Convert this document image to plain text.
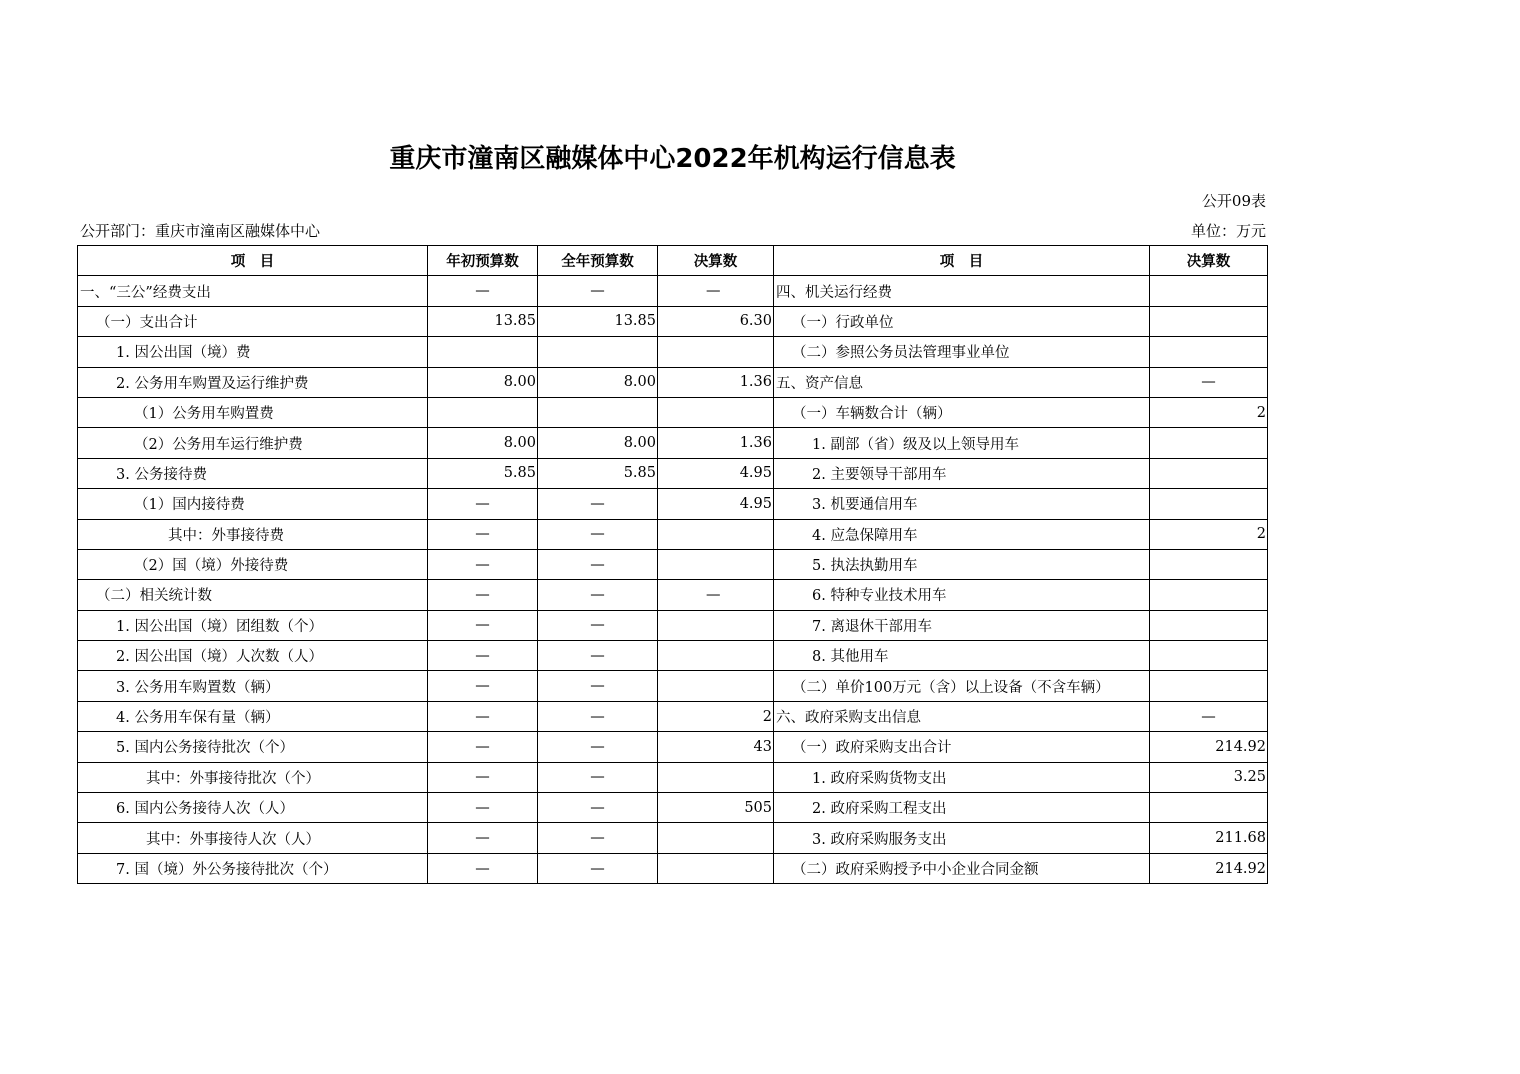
重庆市潼南区融媒体中心2022年机构运行信息表
公开09表
公开部门：重庆市潼南区融媒体中心	单位：万元
项　目	年初预算数	全年预算数	决算数	项　目	决算数
一、“三公”经费支出	—	—	—	四、机关运行经费	
（一）支出合计	13.85	13.85	6.30	（一）行政单位	
1. 因公出国（境）费				（二）参照公务员法管理事业单位	
2. 公务用车购置及运行维护费	8.00	8.00	1.36	五、资产信息	—
（1）公务用车购置费				（一）车辆数合计（辆）	2
（2）公务用车运行维护费	8.00	8.00	1.36	1. 副部（省）级及以上领导用车	
3. 公务接待费	5.85	5.85	4.95	2. 主要领导干部用车	
（1）国内接待费	—	—	4.95	3. 机要通信用车	
其中：外事接待费	—	—		4. 应急保障用车	2
（2）国（境）外接待费	—	—		5. 执法执勤用车	
（二）相关统计数	—	—	—	6. 特种专业技术用车	
1. 因公出国（境）团组数（个）	—	—		7. 离退休干部用车	
2. 因公出国（境）人次数（人）	—	—		8. 其他用车	
3. 公务用车购置数（辆）	—	—		（二）单价100万元（含）以上设备（不含车辆）	
4. 公务用车保有量（辆）	—	—	2	六、政府采购支出信息	—
5. 国内公务接待批次（个）	—	—	43	（一）政府采购支出合计	214.92
其中：外事接待批次（个）	—	—		1. 政府采购货物支出	3.25
6. 国内公务接待人次（人）	—	—	505	2. 政府采购工程支出	
其中：外事接待人次（人）	—	—		3. 政府采购服务支出	211.68
7. 国（境）外公务接待批次（个）	—	—		（二）政府采购授予中小企业合同金额	214.92
